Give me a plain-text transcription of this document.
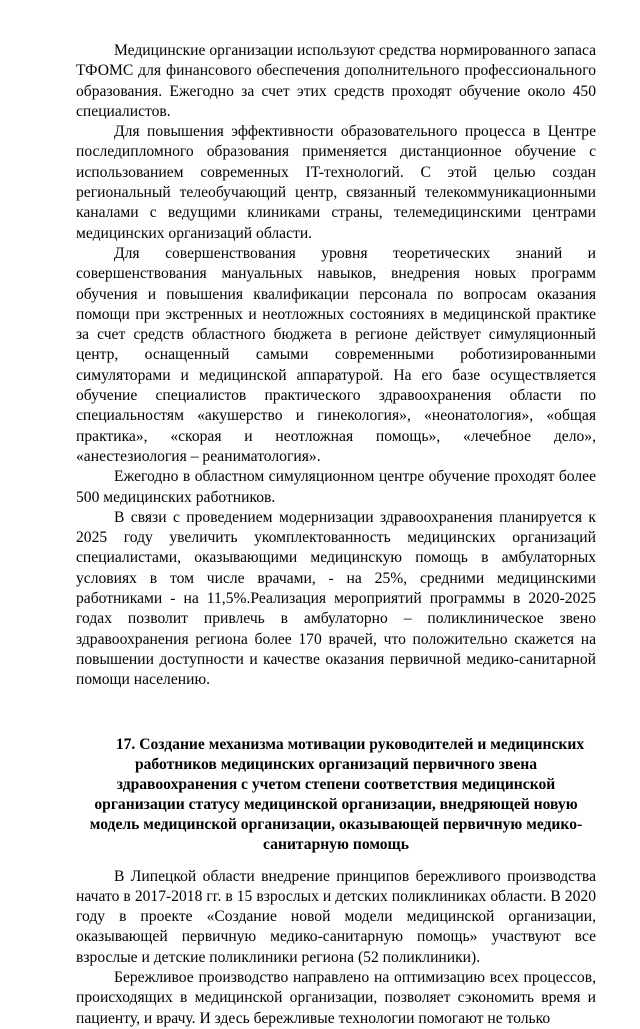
Медицинские организации используют средства нормированного запаса ТФОМС для финансового обеспечения дополнительного профессионального образования. Ежегодно за счет этих средств проходят обучение около 450 специалистов.

Для повышения эффективности образовательного процесса в Центре последипломного образования применяется дистанционное обучение с использованием современных IT-технологий. С этой целью создан региональный телеобучающий центр, связанный телекоммуникационными каналами с ведущими клиниками страны, телемедицинскими центрами медицинских организаций области.

Для совершенствования уровня теоретических знаний и совершенствования мануальных навыков, внедрения новых программ обучения и повышения квалификации персонала по вопросам оказания помощи при экстренных и неотложных состояниях в медицинской практике за счет средств областного бюджета в регионе действует симуляционный центр, оснащенный самыми современными роботизированными симуляторами и медицинской аппаратурой. На его базе осуществляется обучение специалистов практического здравоохранения области по специальностям «акушерство и гинекология», «неонатология», «общая практика», «скорая и неотложная помощь», «лечебное дело», «анестезиология – реаниматология».

Ежегодно в областном симуляционном центре обучение проходят более 500 медицинских работников.

В связи с проведением модернизации здравоохранения планируется к 2025 году увеличить укомплектованность медицинских организаций специалистами, оказывающими медицинскую помощь в амбулаторных условиях в том числе врачами, - на 25%, средними медицинскими работниками - на 11,5%.Реализация мероприятий программы в 2020-2025 годах позволит привлечь в амбулаторно – поликлиническое звено здравоохранения региона более 170 врачей, что положительно скажется на повышении доступности и качестве оказания первичной медико-санитарной помощи населению.

17. Создание механизма мотивации руководителей и медицинских работников медицинских организаций первичного звена здравоохранения с учетом степени соответствия медицинской организации статусу медицинской организации, внедряющей новую модель медицинской организации, оказывающей первичную медико-санитарную помощь

В Липецкой области внедрение принципов бережливого производства начато в 2017-2018 гг. в 15 взрослых и детских поликлиниках области. В 2020 году в проекте «Создание новой модели медицинской организации, оказывающей первичную медико-санитарную помощь» участвуют все взрослые и детские поликлиники региона (52 поликлиники).

Бережливое производство направлено на оптимизацию всех процессов, происходящих в медицинской организации, позволяет сэкономить время и пациенту, и врачу. И здесь бережливые технологии помогают не только
